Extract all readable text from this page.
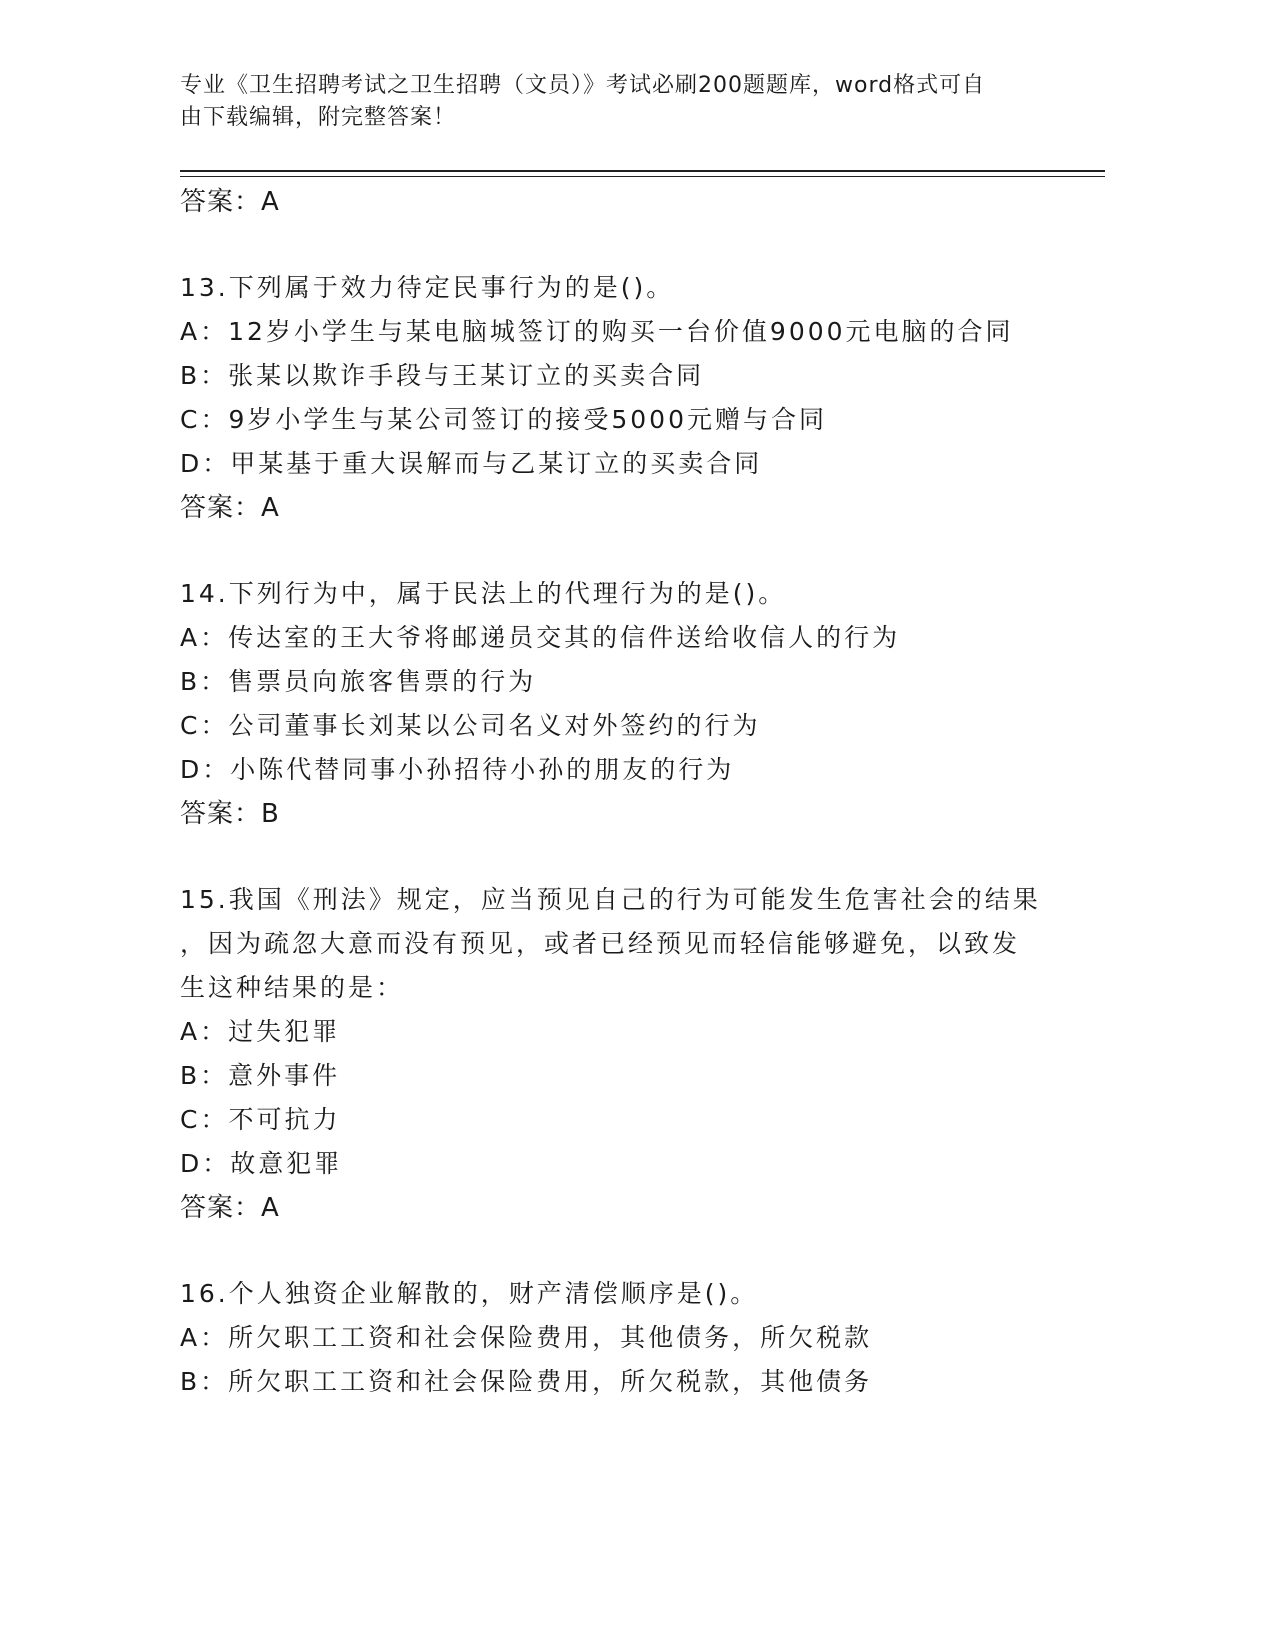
专业《卫生招聘考试之卫生招聘（文员）》考试必刷200题题库，word格式可自
由下载编辑，附完整答案！
答案：A
13.下列属于效力待定民事行为的是()。
A：12岁小学生与某电脑城签订的购买一台价值9000元电脑的合同
B：张某以欺诈手段与王某订立的买卖合同
C：9岁小学生与某公司签订的接受5000元赠与合同
D：甲某基于重大误解而与乙某订立的买卖合同
答案：A
14.下列行为中，属于民法上的代理行为的是()。
A：传达室的王大爷将邮递员交其的信件送给收信人的行为
B：售票员向旅客售票的行为
C：公司董事长刘某以公司名义对外签约的行为
D：小陈代替同事小孙招待小孙的朋友的行为
答案：B
15.我国《刑法》规定，应当预见自己的行为可能发生危害社会的结果
，因为疏忽大意而没有预见，或者已经预见而轻信能够避免，以致发
生这种结果的是：
A：过失犯罪
B：意外事件
C：不可抗力
D：故意犯罪
答案：A
16.个人独资企业解散的，财产清偿顺序是()。
A：所欠职工工资和社会保险费用，其他债务，所欠税款
B：所欠职工工资和社会保险费用，所欠税款，其他债务
